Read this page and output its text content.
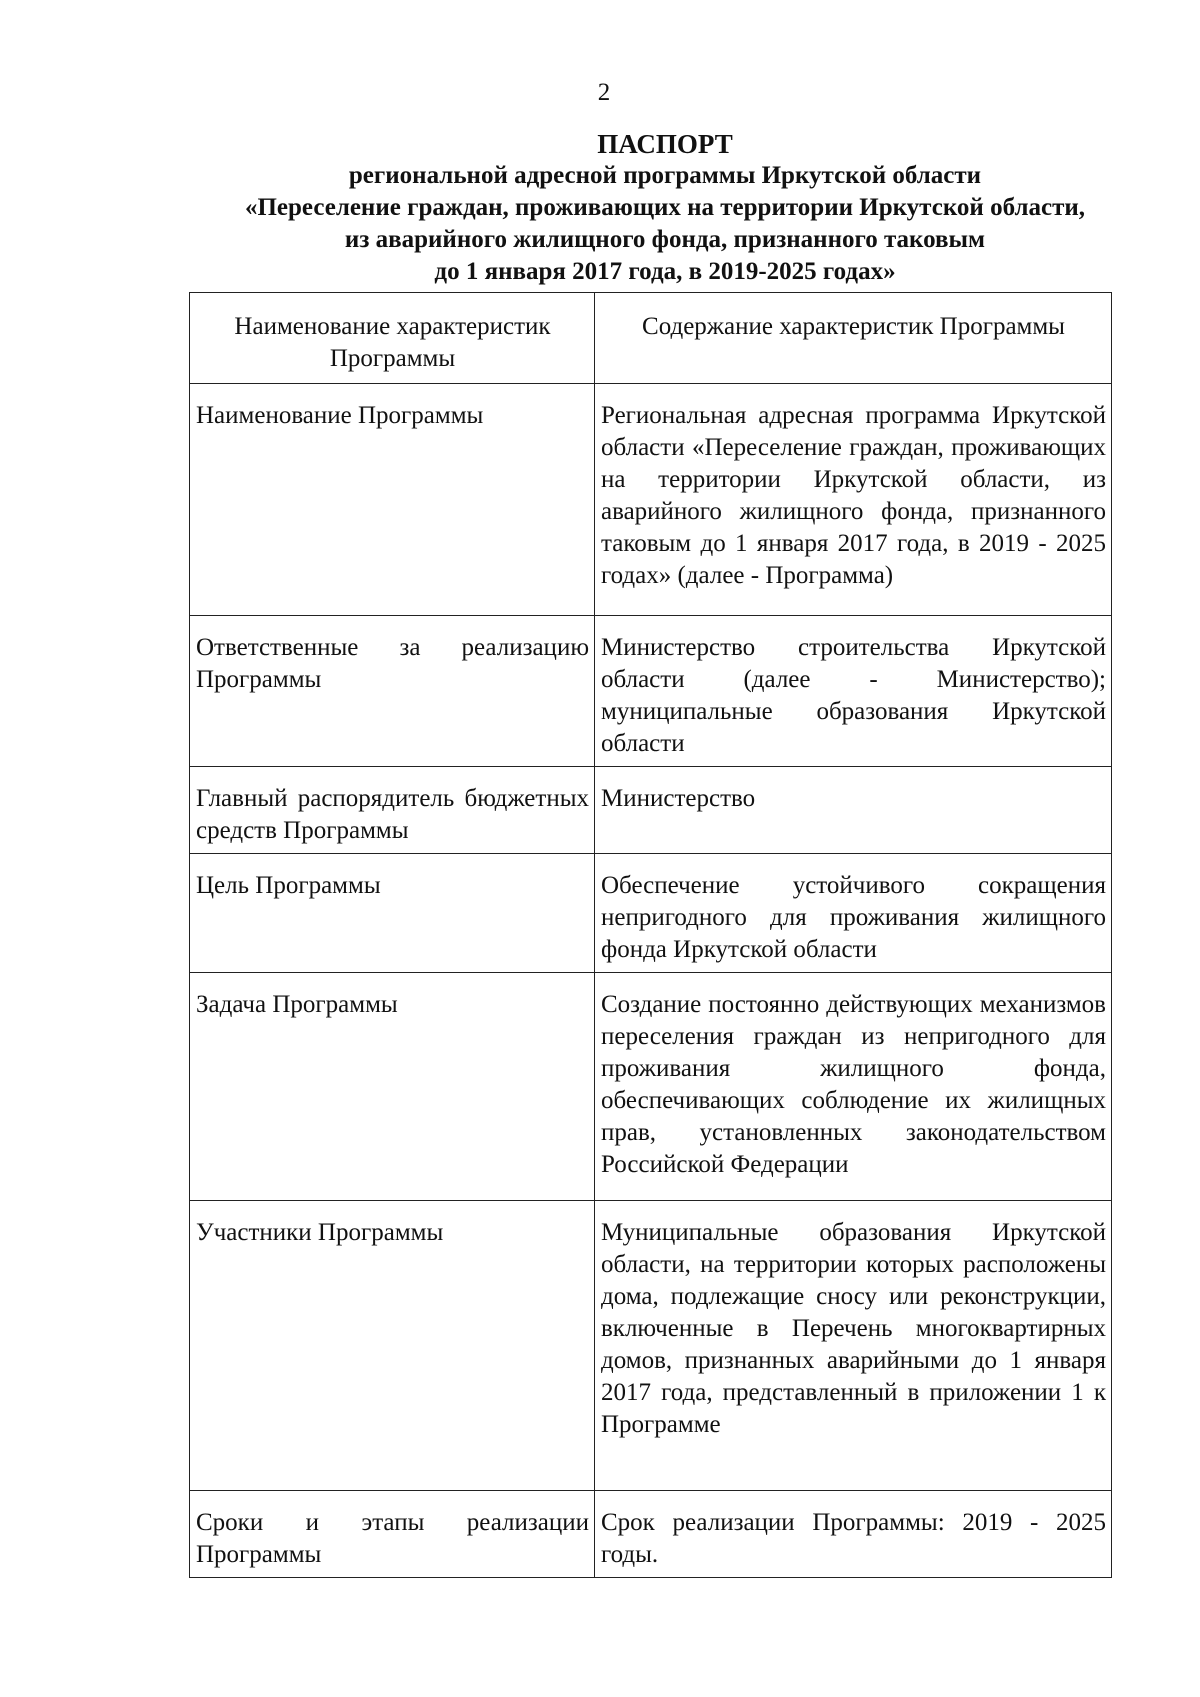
2
ПАСПОРТ
региональной адресной программы Иркутской области
«Переселение граждан, проживающих на территории Иркутской области,
из аварийного жилищного фонда, признанного таковым
до 1 января 2017 года, в 2019-2025 годах»
Наименование характеристик Программы	Содержание характеристик Программы

Наименование Программы	Региональная адресная программа Иркутской области «Переселение граждан, проживающих на территории Иркутской области, из аварийного жилищного фонда, признанного таковым до 1 января 2017 года, в 2019 - 2025 годах» (далее - Программа)

Ответственные за реализацию Программы	Министерство строительства Иркутской области (далее - Министерство); муниципальные образования Иркутской области

Главный распорядитель бюджетных средств Программы	Министерство

Цель Программы	Обеспечение устойчивого сокращения непригодного для проживания жилищного фонда Иркутской области

Задача Программы	Создание постоянно действующих механизмов переселения граждан из непригодного для проживания жилищного фонда, обеспечивающих соблюдение их жилищных прав, установленных законодательством Российской Федерации

Участники Программы	Муниципальные образования Иркутской области, на территории которых расположены дома, подлежащие сносу или реконструкции, включенные в Перечень многоквартирных домов, признанных аварийными до 1 января 2017 года, представленный в приложении 1 к Программе

Сроки и этапы реализации Программы	Срок реализации Программы: 2019 - 2025 годы.
